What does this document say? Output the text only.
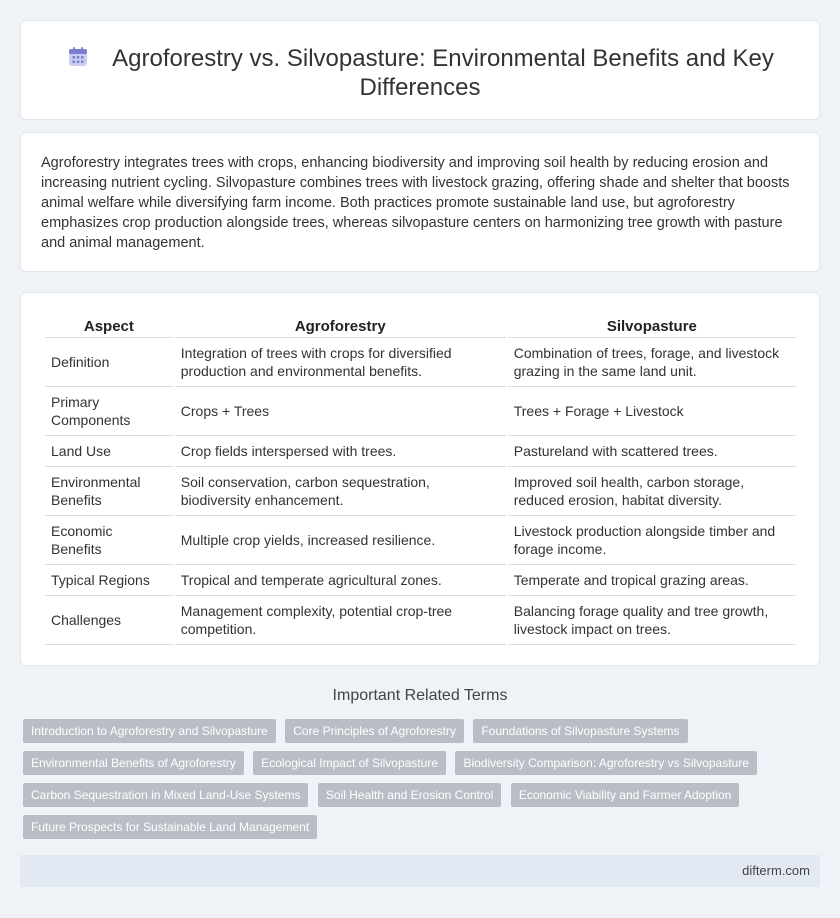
Agroforestry vs. Silvopasture: Environmental Benefits and Key Differences

Agroforestry integrates trees with crops, enhancing biodiversity and improving soil health by reducing erosion and increasing nutrient cycling. Silvopasture combines trees with livestock grazing, offering shade and shelter that boosts animal welfare while diversifying farm income. Both practices promote sustainable land use, but agroforestry emphasizes crop production alongside trees, whereas silvopasture centers on harmonizing tree growth with pasture and animal management.

Aspect	Agroforestry	Silvopasture
Definition	Integration of trees with crops for diversified production and environmental benefits.	Combination of trees, forage, and livestock grazing in the same land unit.
Primary Components	Crops + Trees	Trees + Forage + Livestock
Land Use	Crop fields interspersed with trees.	Pastureland with scattered trees.
Environmental Benefits	Soil conservation, carbon sequestration, biodiversity enhancement.	Improved soil health, carbon storage, reduced erosion, habitat diversity.
Economic Benefits	Multiple crop yields, increased resilience.	Livestock production alongside timber and forage income.
Typical Regions	Tropical and temperate agricultural zones.	Temperate and tropical grazing areas.
Challenges	Management complexity, potential crop-tree competition.	Balancing forage quality and tree growth, livestock impact on trees.
Important Related Terms
Introduction to Agroforestry and Silvopasture Core Principles of Agroforestry Foundations of Silvopasture Systems
Environmental Benefits of Agroforestry Ecological Impact of Silvopasture Biodiversity Comparison: Agroforestry vs Silvopasture
Carbon Sequestration in Mixed Land-Use Systems Soil Health and Erosion Control Economic Viability and Farmer Adoption
Future Prospects for Sustainable Land Management
difterm.com
